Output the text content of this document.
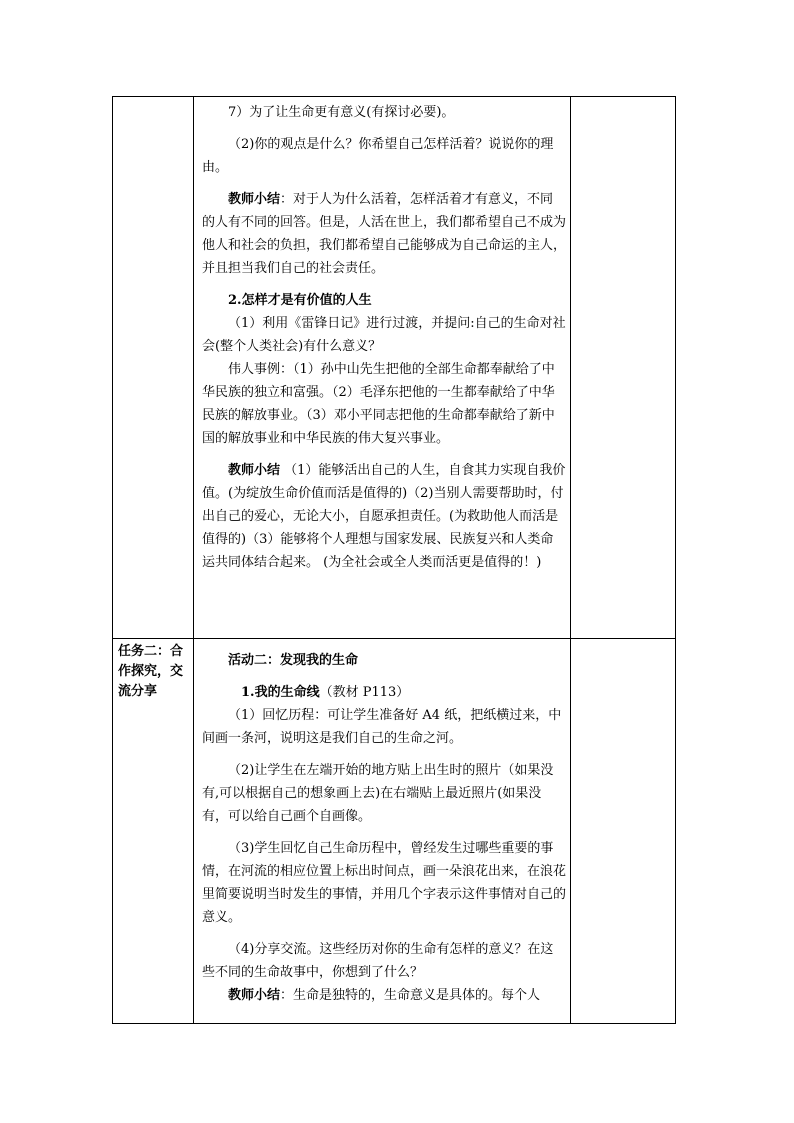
任务二：合作探究，交流分享

7）为了让生命更有意义(有探讨必要)。

（2)你的观点是什么？你希望自己怎样活着？说说你的理由。

教师小结：对于人为什么活着，怎样活着才有意义，不同的人有不同的回答。但是，人活在世上，我们都希望自己不成为他人和社会的负担，我们都希望自己能够成为自己命运的主人，并且担当我们自己的社会责任。

2.怎样才是有价值的人生

（1）利用《雷锋日记》进行过渡，并提问:自己的生命对社会(整个人类社会)有什么意义？

伟人事例：（1）孙中山先生把他的全部生命都奉献给了中华民族的独立和富强。（2）毛泽东把他的一生都奉献给了中华民族的解放事业。（3）邓小平同志把他的生命都奉献给了新中国的解放事业和中华民族的伟大复兴事业。

教师小结 （1）能够活出自己的人生，自食其力实现自我价值。(为绽放生命价值而活是值得的)（2)当别人需要帮助时，付出自己的爱心，无论大小，自愿承担责任。(为救助他人而活是值得的)（3）能够将个人理想与国家发展、民族复兴和人类命运共同体结合起来。 (为全社会或全人类而活更是值得的！)

活动二：发现我的生命

1.我的生命线（教材 P113）

（1）回忆历程：可让学生准备好 A4 纸，把纸横过来，中间画一条河，说明这是我们自己的生命之河。

（2)让学生在左端开始的地方贴上出生时的照片（如果没有,可以根据自己的想象画上去)在右端贴上最近照片(如果没有，可以给自己画个自画像。

（3)学生回忆自己生命历程中，曾经发生过哪些重要的事情，在河流的相应位置上标出时间点，画一朵浪花出来，在浪花里简要说明当时发生的事情，并用几个字表示这件事情对自己的意义。

（4)分享交流。这些经历对你的生命有怎样的意义？在这些不同的生命故事中，你想到了什么？

教师小结：生命是独特的，生命意义是具体的。每个人
